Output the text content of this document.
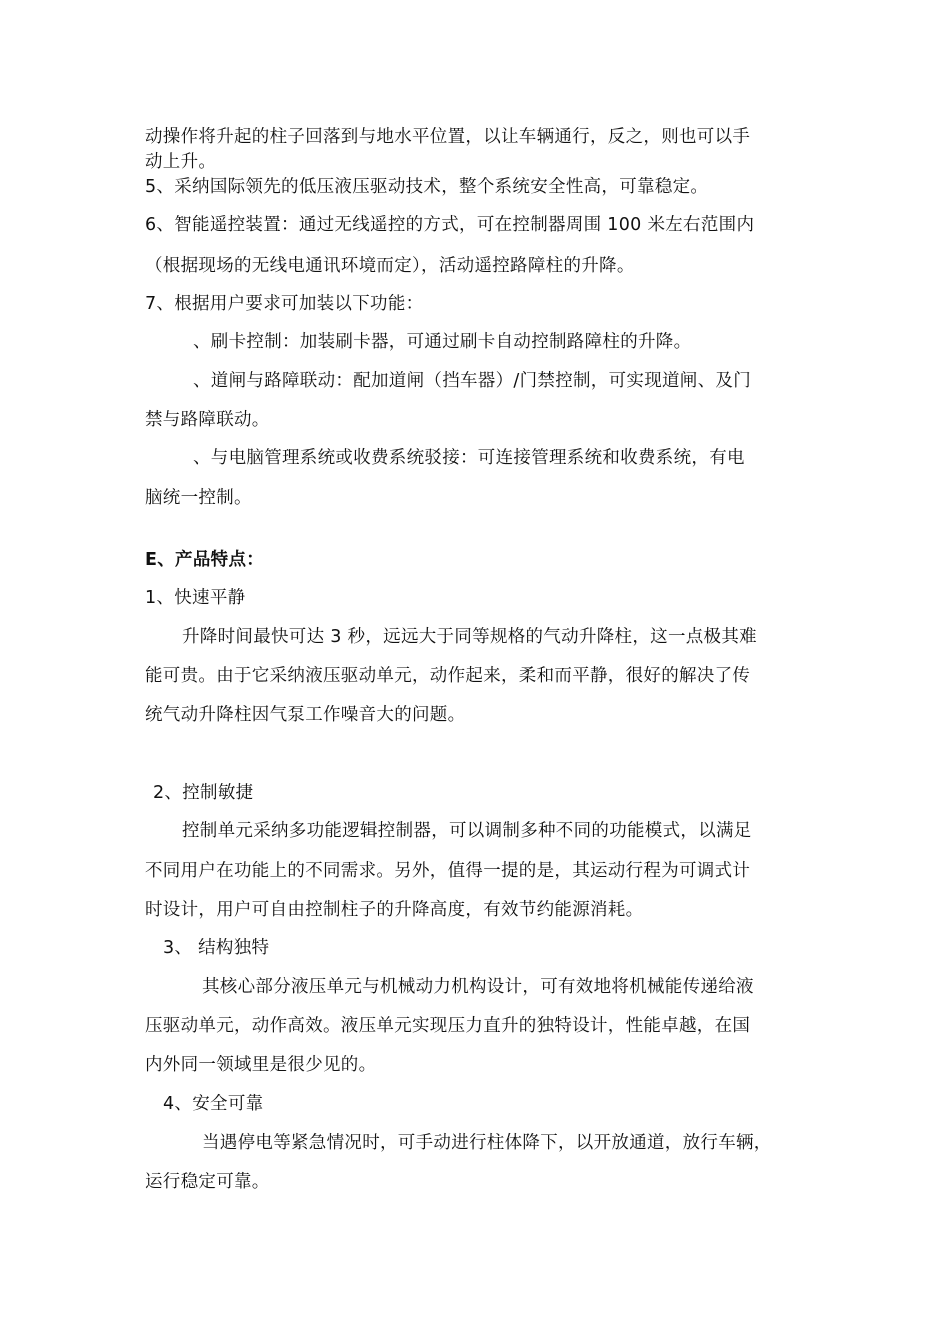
动操作将升起的柱子回落到与地水平位置，以让车辆通行，反之，则也可以手
动上升。
5、采纳国际领先的低压液压驱动技术，整个系统安全性高，可靠稳定。
6、智能遥控装置：通过无线遥控的方式，可在控制器周围 100 米左右范围内
（根据现场的无线电通讯环境而定），活动遥控路障柱的升降。
7、根据用户要求可加装以下功能：
、刷卡控制：加装刷卡器，可通过刷卡自动控制路障柱的升降。
、道闸与路障联动：配加道闸（挡车器）/门禁控制，可实现道闸、及门
禁与路障联动。
、与电脑管理系统或收费系统驳接：可连接管理系统和收费系统，有电
脑统一控制。
E、产品特点：
1、快速平静
升降时间最快可达 3 秒，远远大于同等规格的气动升降柱，这一点极其难
能可贵。由于它采纳液压驱动单元，动作起来，柔和而平静，很好的解决了传
统气动升降柱因气泵工作噪音大的问题。
2、控制敏捷
控制单元采纳多功能逻辑控制器，可以调制多种不同的功能模式，以满足
不同用户在功能上的不同需求。另外，值得一提的是，其运动行程为可调式计
时设计，用户可自由控制柱子的升降高度，有效节约能源消耗。
3、 结构独特
其核心部分液压单元与机械动力机构设计，可有效地将机械能传递给液
压驱动单元，动作高效。液压单元实现压力直升的独特设计，性能卓越，在国
内外同一领域里是很少见的。
4、安全可靠
当遇停电等紧急情况时，可手动进行柱体降下，以开放通道，放行车辆，
运行稳定可靠。
